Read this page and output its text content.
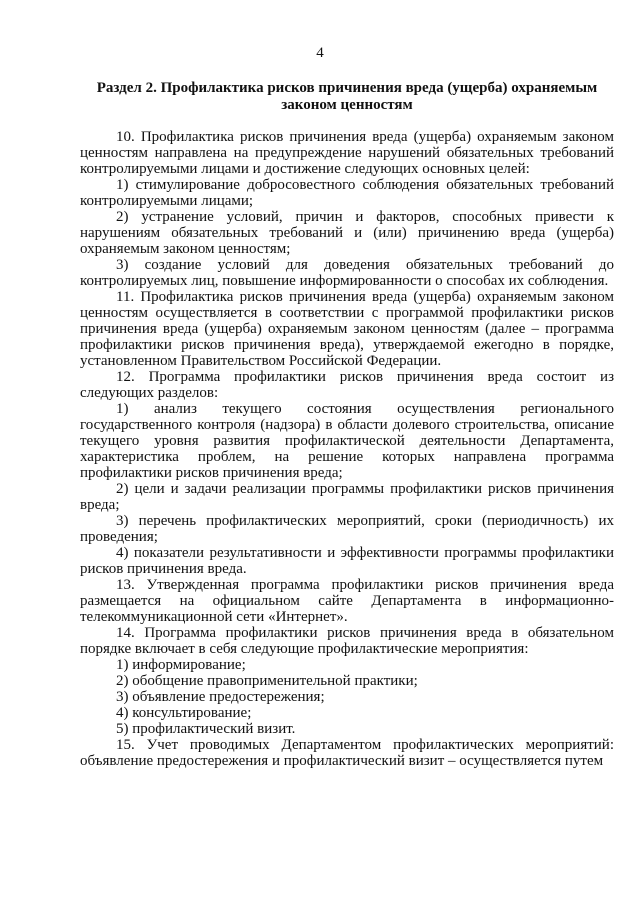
4
Раздел 2. Профилактика рисков причинения вреда (ущерба) охраняемым законом ценностям

10. Профилактика рисков причинения вреда (ущерба) охраняемым законом ценностям направлена на предупреждение нарушений обязательных требований контролируемыми лицами и достижение следующих основных целей:

1) стимулирование добросовестного соблюдения обязательных требований контролируемыми лицами;

2) устранение условий, причин и факторов, способных привести к нарушениям обязательных требований и (или) причинению вреда (ущерба) охраняемым законом ценностям;

3) создание условий для доведения обязательных требований до контролируемых лиц, повышение информированности о способах их соблюдения.

11. Профилактика рисков причинения вреда (ущерба) охраняемым законом ценностям осуществляется в соответствии с программой профилактики рисков причинения вреда (ущерба) охраняемым законом ценностям (далее – программа профилактики рисков причинения вреда), утверждаемой ежегодно в порядке, установленном Правительством Российской Федерации.

12. Программа профилактики рисков причинения вреда состоит из следующих разделов:

1) анализ текущего состояния осуществления регионального государственного контроля (надзора) в области долевого строительства, описание текущего уровня развития профилактической деятельности Департамента, характеристика проблем, на решение которых направлена программа профилактики рисков причинения вреда;

2) цели и задачи реализации программы профилактики рисков причинения вреда;

3) перечень профилактических мероприятий, сроки (периодичность) их проведения;

4) показатели результативности и эффективности программы профилактики рисков причинения вреда.

13. Утвержденная программа профилактики рисков причинения вреда размещается на официальном сайте Департамента в информационно-телекоммуникационной сети «Интернет».

14. Программа профилактики рисков причинения вреда в обязательном порядке включает в себя следующие профилактические мероприятия:

1) информирование;

2) обобщение правоприменительной практики;

3) объявление предостережения;

4) консультирование;

5) профилактический визит.

15. Учет проводимых Департаментом профилактических мероприятий: объявление предостережения и профилактический визит – осуществляется путем
